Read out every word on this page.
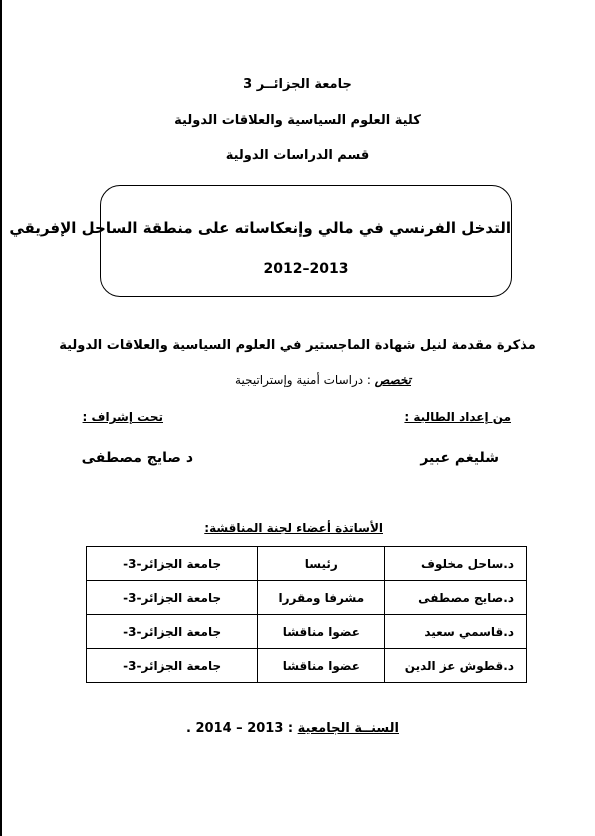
جامعة الجزائــر 3
كلية العلوم السياسية والعلاقات الدولية
قسم الدراسات الدولية
التدخل الفرنسي في مالي وإنعكاساته على منطقة الساحل الإفريقي
2012–2013
مذكرة مقدمة لنيل شهادة الماجستير في العلوم السياسية والعلاقات الدولية
تخصص : دراسات أمنية وإستراتيجية
من إعداد الطالبة :
شليغم عبير
تحت إشراف :
د صايج مصطفى
الأساتذة أعضاء لجنة المناقشة:
د.ساحل مخلوف	رئيسا	جامعة الجزائر-3-
د.صايج مصطفى	مشرفا ومقررا	جامعة الجزائر-3-
د.قاسمي سعيد	عضوا مناقشا	جامعة الجزائر-3-
د.قطوش عز الدين	عضوا مناقشا	جامعة الجزائر-3-
السنــة الجامعية : 2013 – 2014 .
